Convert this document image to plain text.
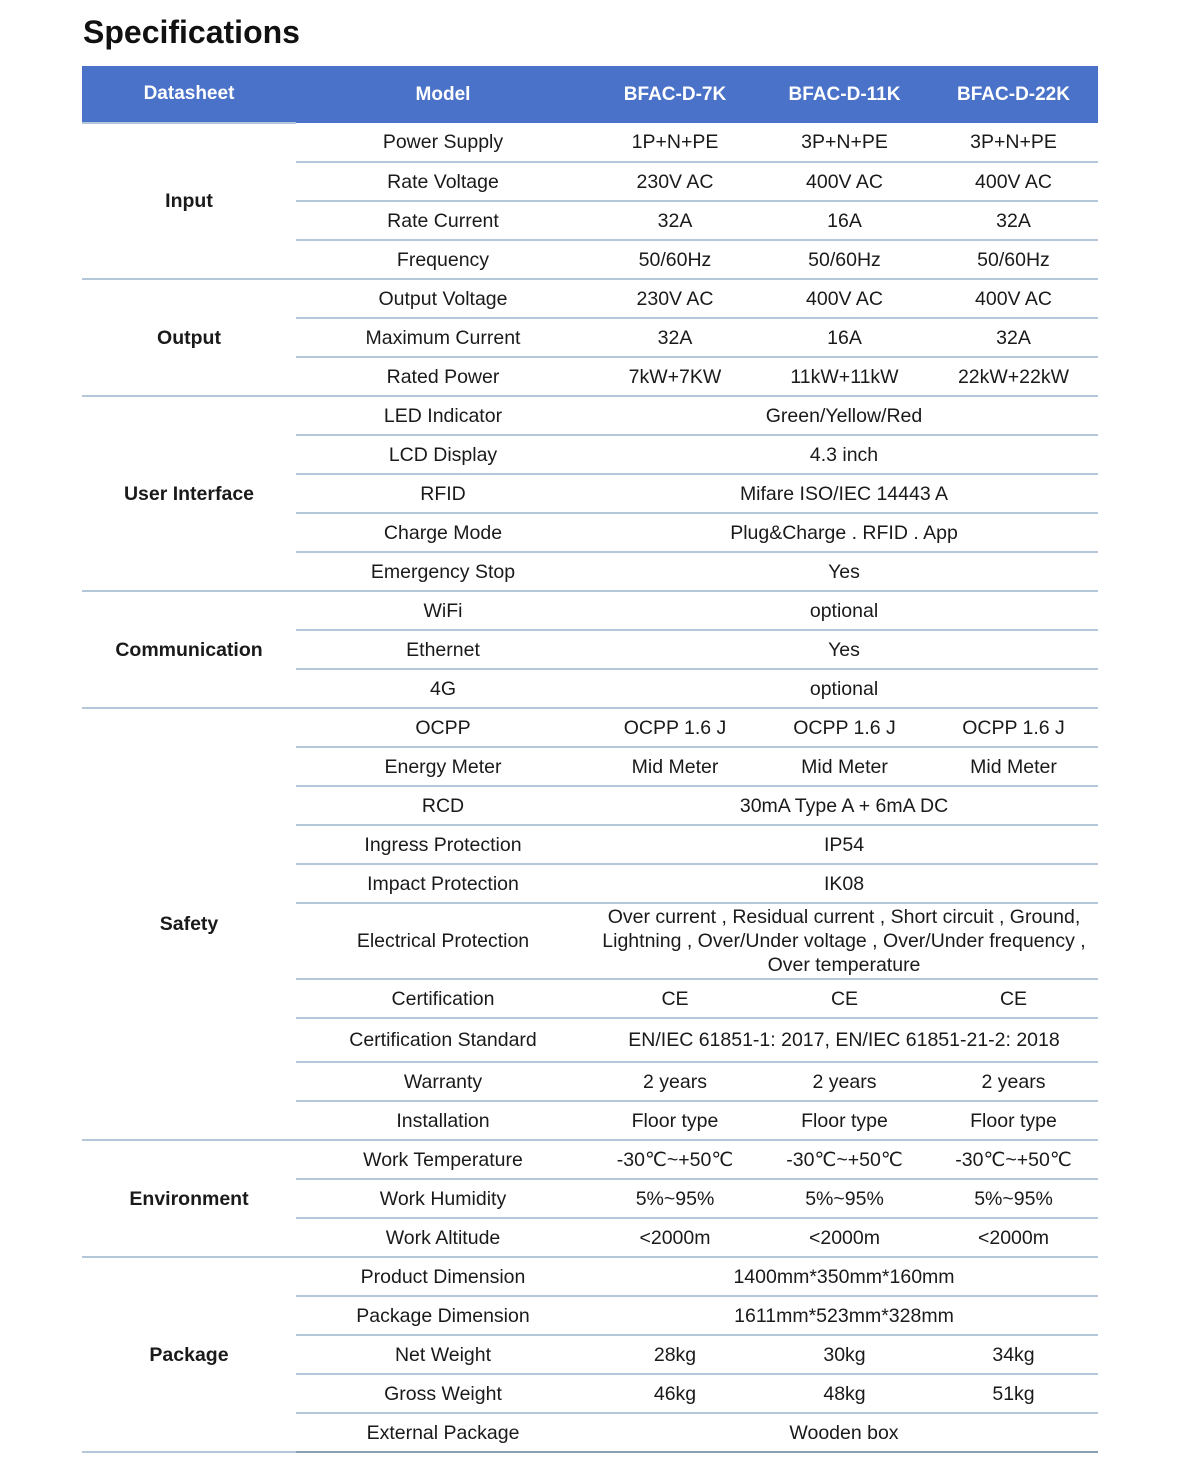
Specifications
Datasheet	Model	BFAC-D-7K	BFAC-D-11K	BFAC-D-22K
Input	Power Supply	1P+N+PE	3P+N+PE	3P+N+PE
	Rate Voltage	230V AC	400V AC	400V AC
	Rate Current	32A	16A	32A
	Frequency	50/60Hz	50/60Hz	50/60Hz
Output	Output Voltage	230V AC	400V AC	400V AC
	Maximum Current	32A	16A	32A
	Rated Power	7kW+7KW	11kW+11kW	22kW+22kW
User Interface	LED Indicator	Green/Yellow/Red		
	LCD Display	4.3 inch		
	RFID	Mifare ISO/IEC 14443 A		
	Charge Mode	Plug&Charge . RFID . App		
	Emergency Stop	Yes		
Communication	WiFi	optional		
	Ethernet	Yes		
	4G	optional		
Safety	OCPP	OCPP 1.6 J	OCPP 1.6 J	OCPP 1.6 J
	Energy Meter	Mid Meter	Mid Meter	Mid Meter
	RCD	30mA Type A + 6mA DC		
	Ingress Protection	IP54		
	Impact Protection	IK08		
	Electrical Protection	Over current , Residual current , Short circuit , Ground, Lightning , Over/Under voltage , Over/Under frequency , Over temperature		
	Certification	CE	CE	CE
	Certification Standard	EN/IEC 61851-1: 2017, EN/IEC 61851-21-2: 2018		
	Warranty	2 years	2 years	2 years
	Installation	Floor type	Floor type	Floor type
Environment	Work Temperature	-30℃~+50℃	-30℃~+50℃	-30℃~+50℃
	Work Humidity	5%~95%	5%~95%	5%~95%
	Work Altitude	<2000m	<2000m	<2000m
Package	Product Dimension	1400mm*350mm*160mm		
	Package Dimension	1611mm*523mm*328mm		
	Net Weight	28kg	30kg	34kg
	Gross Weight	46kg	48kg	51kg
	External Package	Wooden box		
